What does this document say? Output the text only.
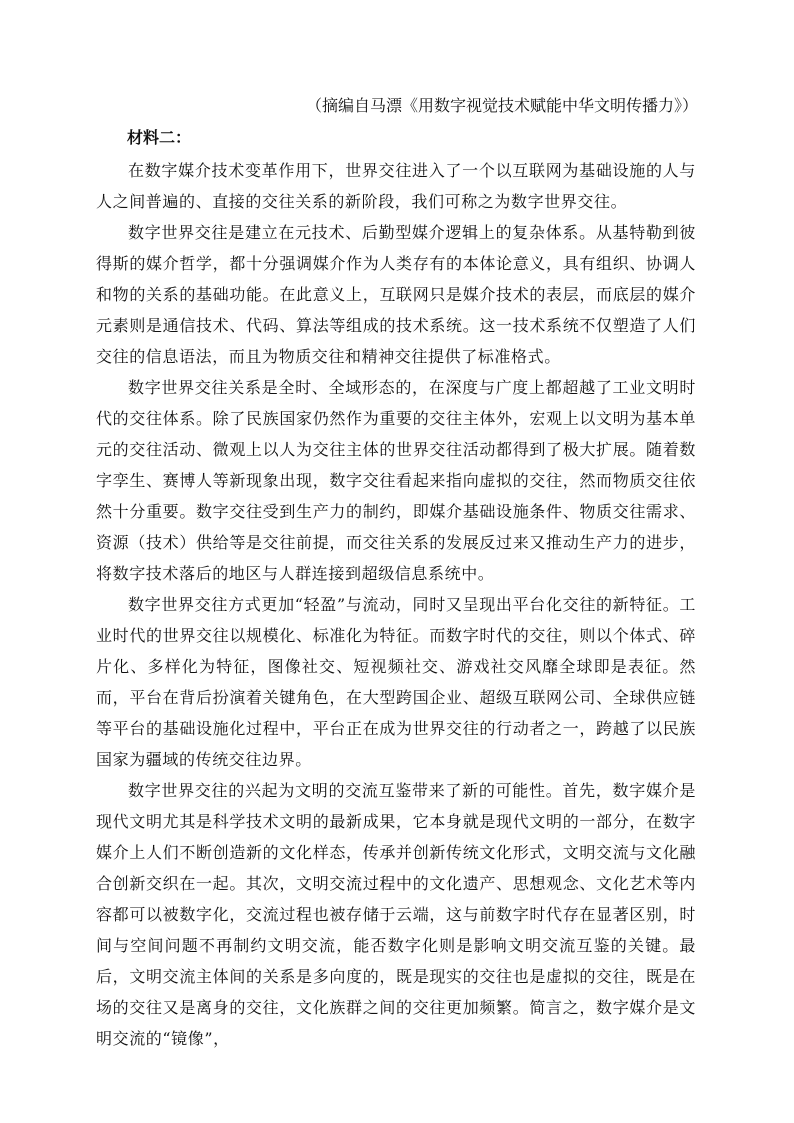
（摘编自马漂《用数字视觉技术赋能中华文明传播力》）
材料二：

在数字媒介技术变革作用下，世界交往进入了一个以互联网为基础设施的人与人之间普遍的、直接的交往关系的新阶段，我们可称之为数字世界交往。

数字世界交往是建立在元技术、后勤型媒介逻辑上的复杂体系。从基特勒到彼得斯的媒介哲学，都十分强调媒介作为人类存有的本体论意义，具有组织、协调人和物的关系的基础功能。在此意义上，互联网只是媒介技术的表层，而底层的媒介元素则是通信技术、代码、算法等组成的技术系统。这一技术系统不仅塑造了人们交往的信息语法，而且为物质交往和精神交往提供了标准格式。

数字世界交往关系是全时、全域形态的，在深度与广度上都超越了工业文明时代的交往体系。除了民族国家仍然作为重要的交往主体外，宏观上以文明为基本单元的交往活动、微观上以人为交往主体的世界交往活动都得到了极大扩展。随着数字孪生、赛博人等新现象出现，数字交往看起来指向虚拟的交往，然而物质交往依然十分重要。数字交往受到生产力的制约，即媒介基础设施条件、物质交往需求、资源（技术）供给等是交往前提，而交往关系的发展反过来又推动生产力的进步，将数字技术落后的地区与人群连接到超级信息系统中。

数字世界交往方式更加“轻盈”与流动，同时又呈现出平台化交往的新特征。工业时代的世界交往以规模化、标准化为特征。而数字时代的交往，则以个体式、碎片化、多样化为特征，图像社交、短视频社交、游戏社交风靡全球即是表征。然而，平台在背后扮演着关键角色，在大型跨国企业、超级互联网公司、全球供应链等平台的基础设施化过程中，平台正在成为世界交往的行动者之一，跨越了以民族国家为疆域的传统交往边界。

数字世界交往的兴起为文明的交流互鉴带来了新的可能性。首先，数字媒介是现代文明尤其是科学技术文明的最新成果，它本身就是现代文明的一部分，在数字媒介上人们不断创造新的文化样态，传承并创新传统文化形式，文明交流与文化融合创新交织在一起。其次，文明交流过程中的文化遗产、思想观念、文化艺术等内容都可以被数字化，交流过程也被存储于云端，这与前数字时代存在显著区别，时间与空间问题不再制约文明交流，能否数字化则是影响文明交流互鉴的关键。最后，文明交流主体间的关系是多向度的，既是现实的交往也是虚拟的交往，既是在场的交往又是离身的交往，文化族群之间的交往更加频繁。简言之，数字媒介是文明交流的“镜像”，
